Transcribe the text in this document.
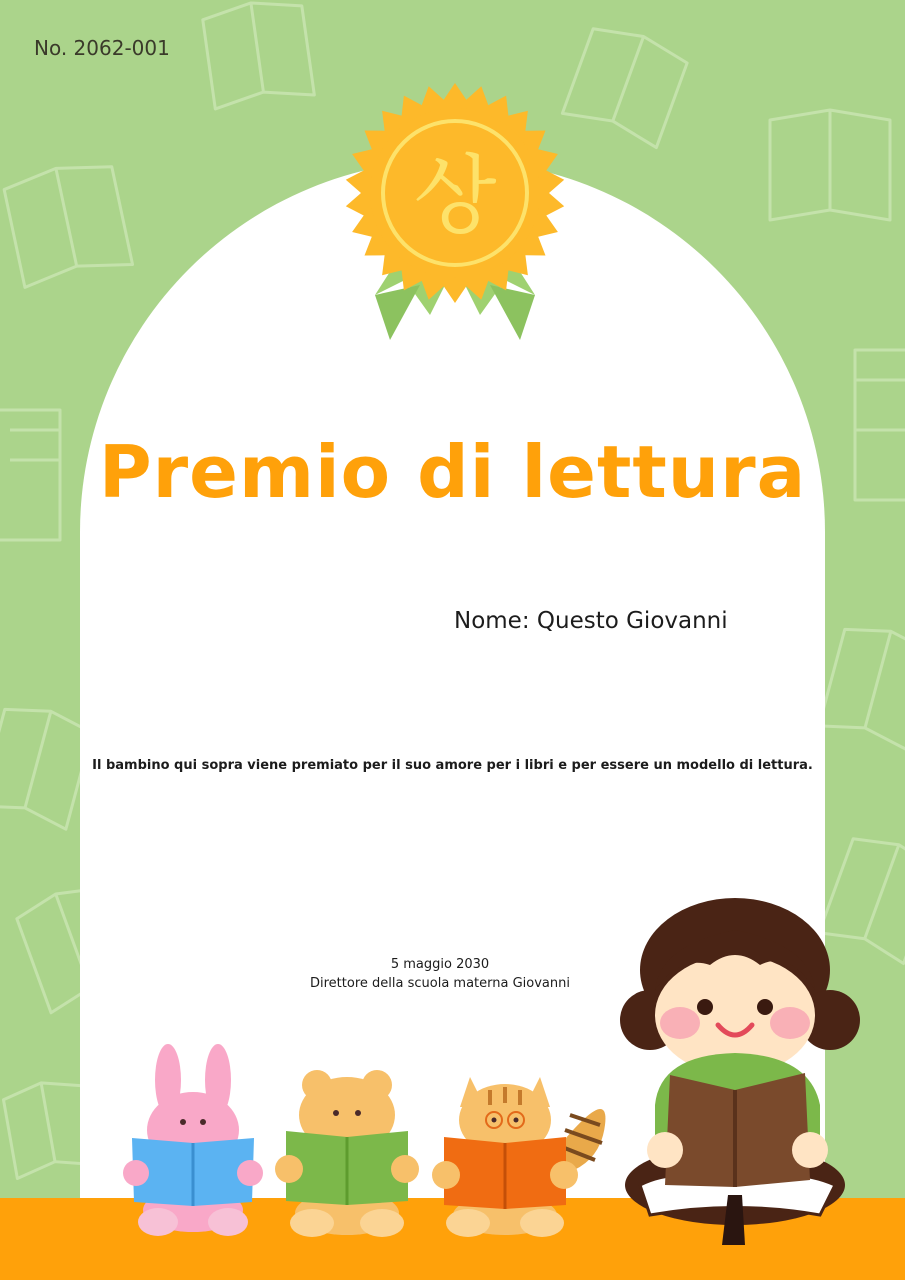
No. 2062-001
상
Premio di lettura
Nome: Questo Giovanni
Il bambino qui sopra viene premiato per il suo amore per i libri e per essere un modello di lettura.
5 maggio 2030
Direttore della scuola materna Giovanni
